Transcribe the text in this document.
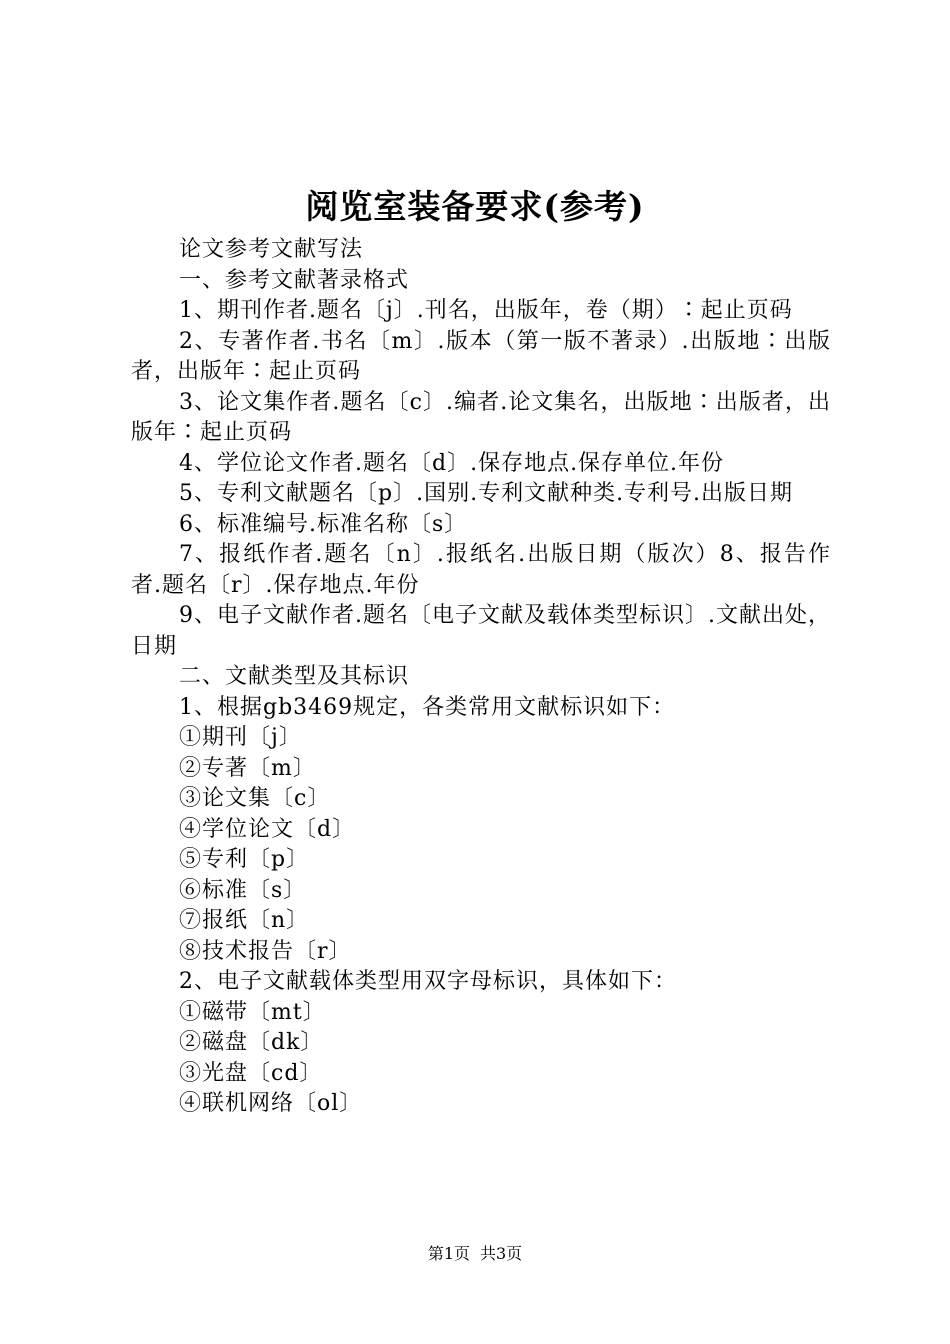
阅览室装备要求(参考)

论文参考文献写法

一、参考文献著录格式

1、期刊作者.题名〔j〕.刊名，出版年，卷（期）∶起止页码

2、专著作者.书名〔m〕.版本（第一版不著录）.出版地∶出版者，出版年∶起止页码

3、论文集作者.题名〔c〕.编者.论文集名，出版地∶出版者，出版年∶起止页码

4、学位论文作者.题名〔d〕.保存地点.保存单位.年份

5、专利文献题名〔p〕.国别.专利文献种类.专利号.出版日期

6、标准编号.标准名称〔s〕

7、报纸作者.题名〔n〕.报纸名.出版日期（版次）8、报告作者.题名〔r〕.保存地点.年份

9、电子文献作者.题名〔电子文献及载体类型标识〕.文献出处，日期

二、文献类型及其标识

1、根据gb3469规定，各类常用文献标识如下：

①期刊〔j〕

②专著〔m〕

③论文集〔c〕

④学位论文〔d〕

⑤专利〔p〕

⑥标准〔s〕

⑦报纸〔n〕

⑧技术报告〔r〕

2、电子文献载体类型用双字母标识，具体如下：

①磁带〔mt〕

②磁盘〔dk〕

③光盘〔cd〕

④联机网络〔ol〕

第1页 共3页
